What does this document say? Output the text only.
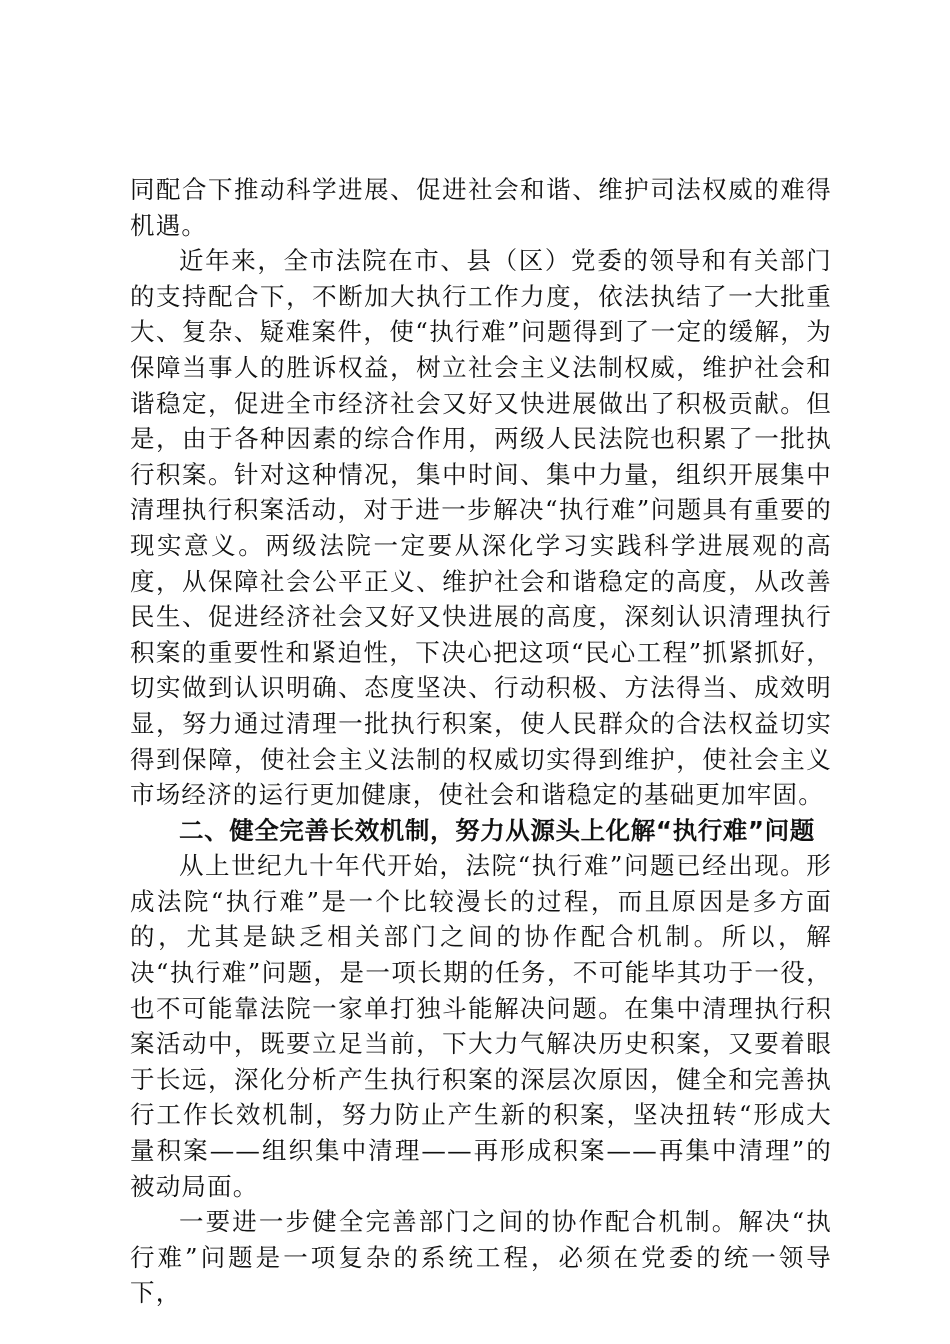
同配合下推动科学进展、促进社会和谐、维护司法权威的难得机遇。

近年来，全市法院在市、县（区）党委的领导和有关部门的支持配合下，不断加大执行工作力度，依法执结了一大批重大、复杂、疑难案件，使“执行难”问题得到了一定的缓解，为保障当事人的胜诉权益，树立社会主义法制权威，维护社会和谐稳定，促进全市经济社会又好又快进展做出了积极贡献。但是，由于各种因素的综合作用，两级人民法院也积累了一批执行积案。针对这种情况，集中时间、集中力量，组织开展集中清理执行积案活动，对于进一步解决“执行难”问题具有重要的现实意义。两级法院一定要从深化学习实践科学进展观的高度，从保障社会公平正义、维护社会和谐稳定的高度，从改善民生、促进经济社会又好又快进展的高度，深刻认识清理执行积案的重要性和紧迫性，下决心把这项“民心工程”抓紧抓好，切实做到认识明确、态度坚决、行动积极、方法得当、成效明显，努力通过清理一批执行积案，使人民群众的合法权益切实得到保障，使社会主义法制的权威切实得到维护，使社会主义市场经济的运行更加健康，使社会和谐稳定的基础更加牢固。

二、健全完善长效机制，努力从源头上化解“执行难”问题

从上世纪九十年代开始，法院“执行难”问题已经出现。形成法院“执行难”是一个比较漫长的过程，而且原因是多方面的，尤其是缺乏相关部门之间的协作配合机制。所以，解决“执行难”问题，是一项长期的任务，不可能毕其功于一役，也不可能靠法院一家单打独斗能解决问题。在集中清理执行积案活动中，既要立足当前，下大力气解决历史积案，又要着眼于长远，深化分析产生执行积案的深层次原因，健全和完善执行工作长效机制，努力防止产生新的积案，坚决扭转“形成大量积案——组织集中清理——再形成积案——再集中清理”的被动局面。

一要进一步健全完善部门之间的协作配合机制。解决“执行难”问题是一项复杂的系统工程，必须在党委的统一领导下，
